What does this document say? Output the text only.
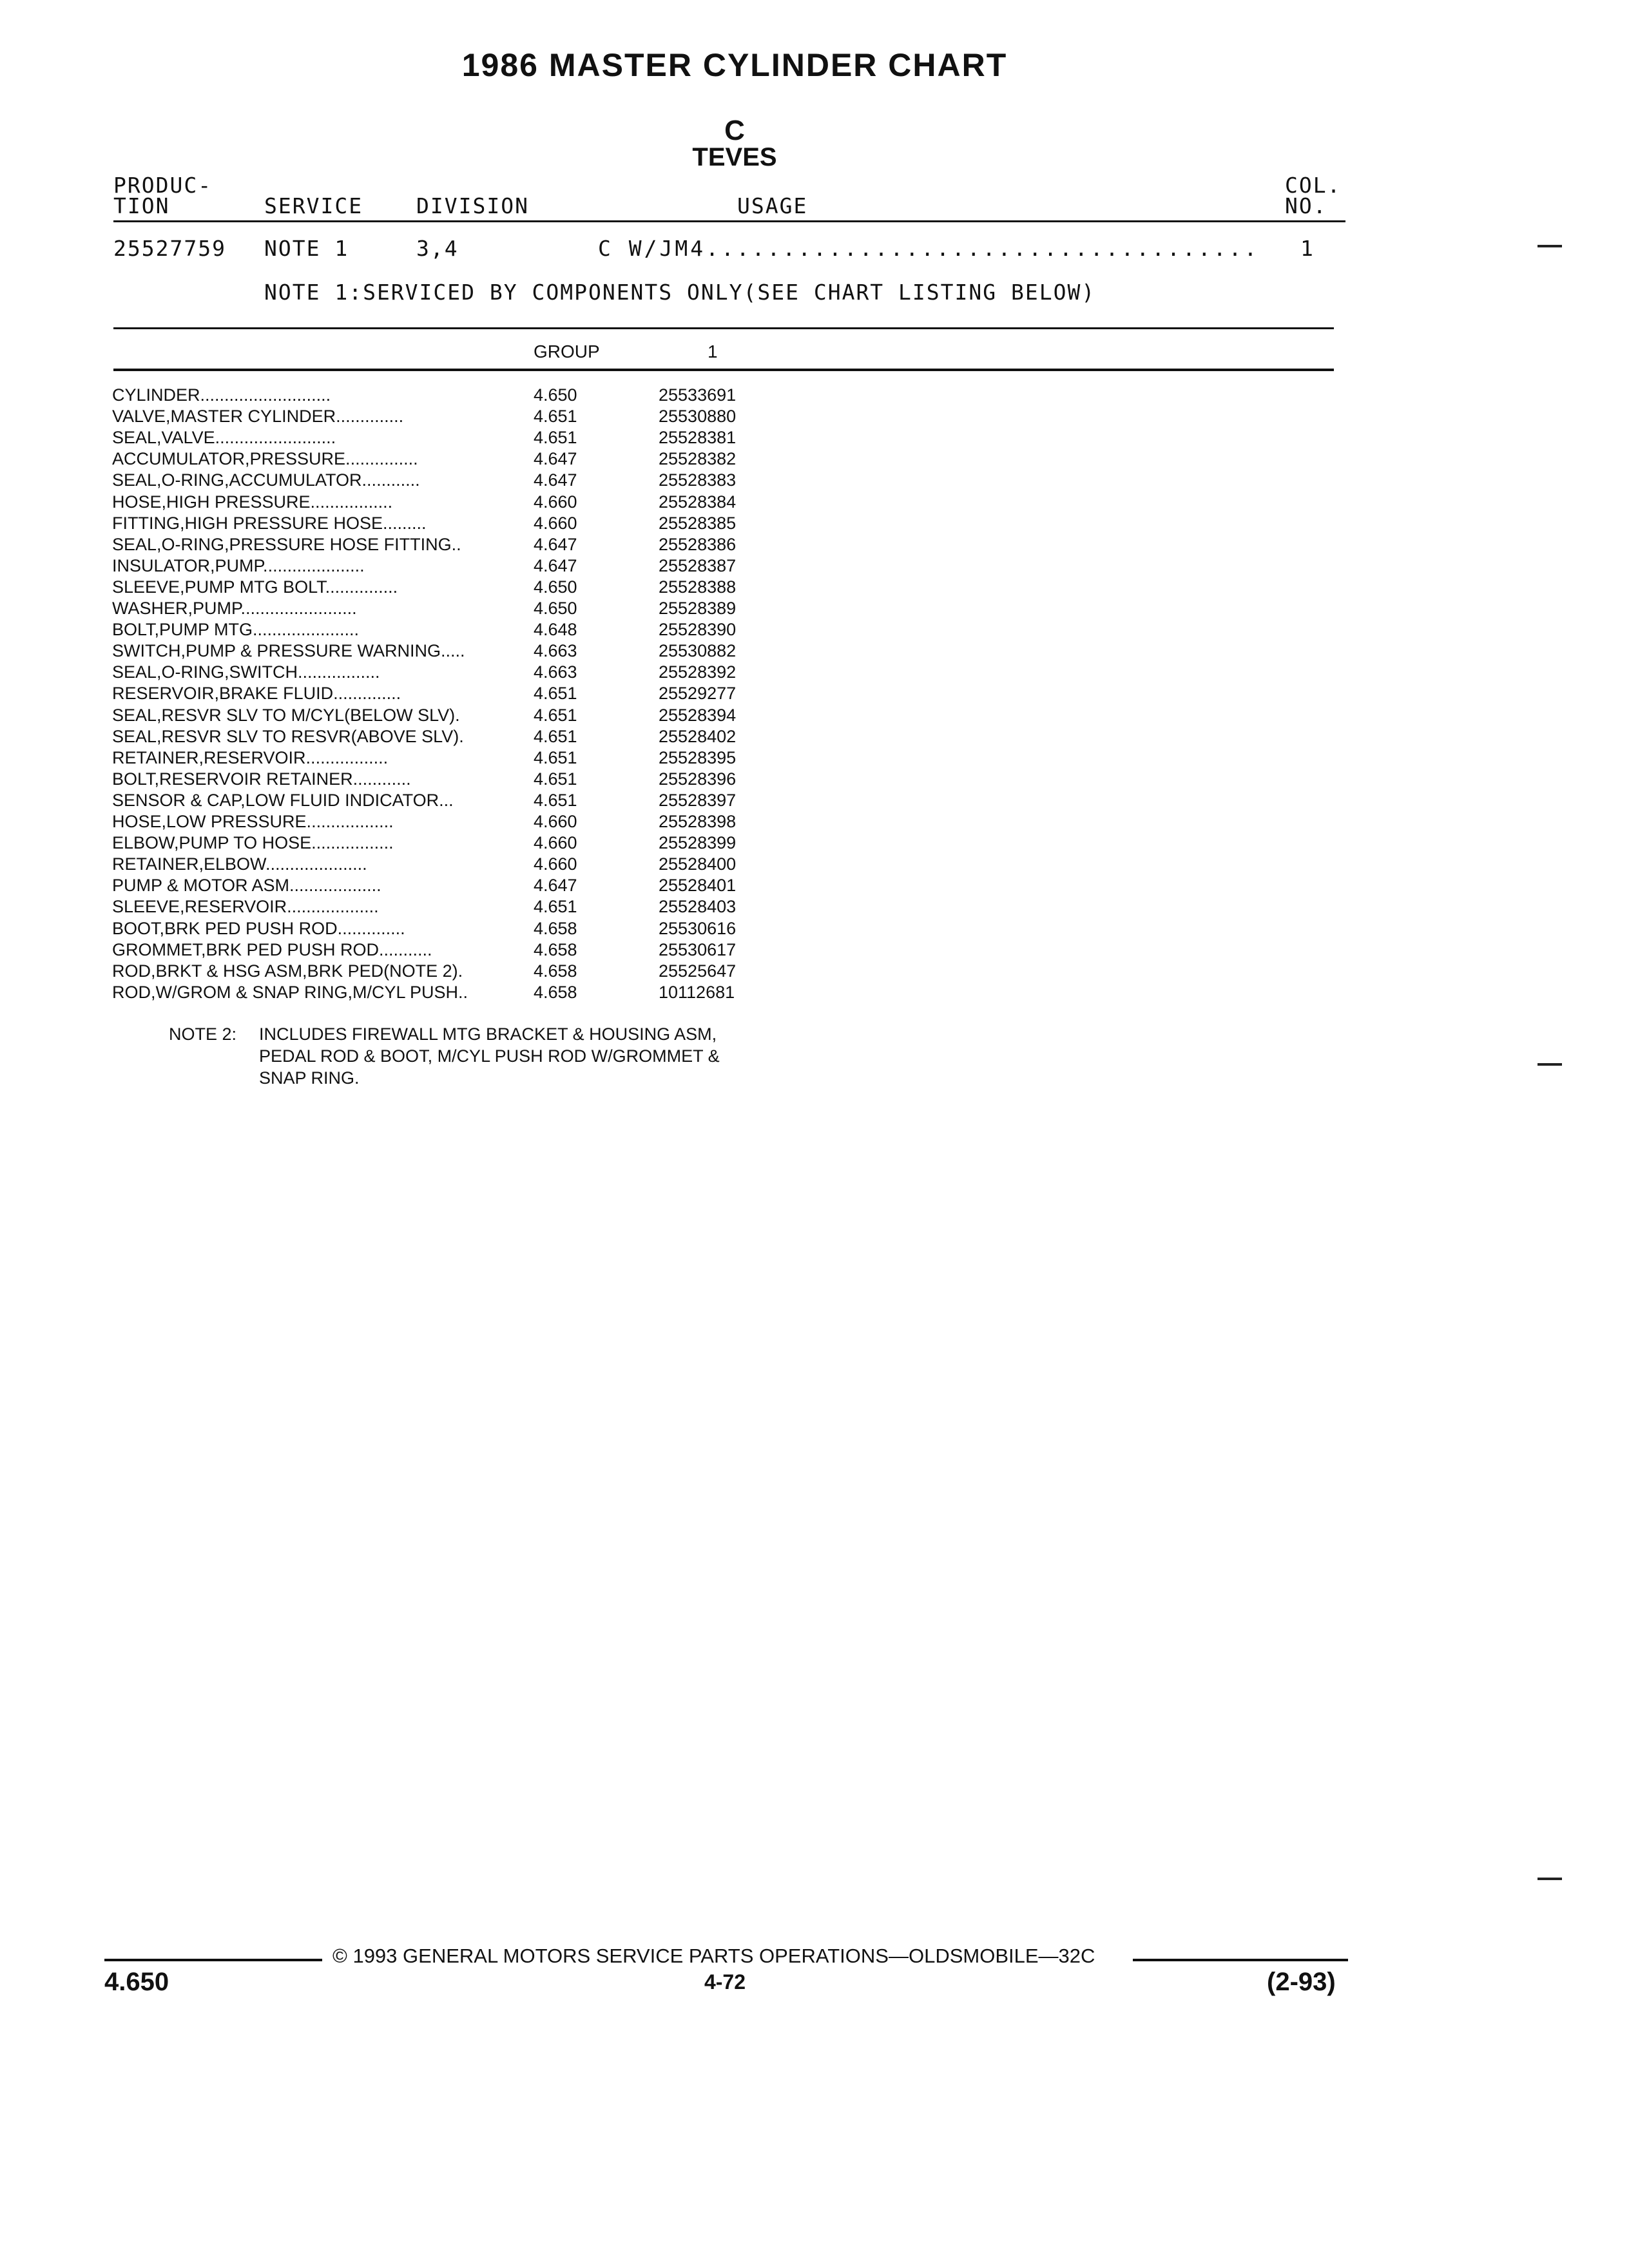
1986 MASTER CYLINDER CHART
C
TEVES
PRODUC-
TION	SERVICE	DIVISION	USAGE
COL.
NO.
25527759 NOTE 1	3,4	C W/JM4.................................... 1
NOTE 1:SERVICED BY COMPONENTS ONLY(SEE CHART LISTING BELOW)
GROUP	1
CYLINDER...........................	4.650	25533691
VALVE,MASTER CYLINDER..............	4.651	25530880
SEAL,VALVE.........................	4.651	25528381
ACCUMULATOR,PRESSURE...............	4.647	25528382
SEAL,O-RING,ACCUMULATOR............	4.647	25528383
HOSE,HIGH PRESSURE.................	4.660	25528384
FITTING,HIGH PRESSURE HOSE.........	4.660	25528385
SEAL,O-RING,PRESSURE HOSE FITTING..	4.647	25528386
INSULATOR,PUMP.....................	4.647	25528387
SLEEVE,PUMP MTG BOLT...............	4.650	25528388
WASHER,PUMP........................	4.650	25528389
BOLT,PUMP MTG......................	4.648	25528390
SWITCH,PUMP & PRESSURE WARNING.....	4.663	25530882
SEAL,O-RING,SWITCH.................	4.663	25528392
RESERVOIR,BRAKE FLUID..............	4.651	25529277
SEAL,RESVR SLV TO M/CYL(BELOW SLV).	4.651	25528394
SEAL,RESVR SLV TO RESVR(ABOVE SLV).	4.651	25528402
RETAINER,RESERVOIR.................	4.651	25528395
BOLT,RESERVOIR RETAINER............	4.651	25528396
SENSOR & CAP,LOW FLUID INDICATOR...	4.651	25528397
HOSE,LOW PRESSURE..................	4.660	25528398
ELBOW,PUMP TO HOSE.................	4.660	25528399
RETAINER,ELBOW.....................	4.660	25528400
PUMP & MOTOR ASM...................	4.647	25528401
SLEEVE,RESERVOIR...................	4.651	25528403
BOOT,BRK PED PUSH ROD..............	4.658	25530616
GROMMET,BRK PED PUSH ROD...........	4.658	25530617
ROD,BRKT & HSG ASM,BRK PED(NOTE 2).	4.658	25525647
ROD,W/GROM & SNAP RING,M/CYL PUSH..	4.658	10112681
NOTE 2: INCLUDES FIREWALL MTG BRACKET & HOUSING ASM,
PEDAL ROD & BOOT, M/CYL PUSH ROD W/GROMMET &
SNAP RING.
© 1993 GENERAL MOTORS SERVICE PARTS OPERATIONS—OLDSMOBILE—32C
4.650	4-72	(2-93)
